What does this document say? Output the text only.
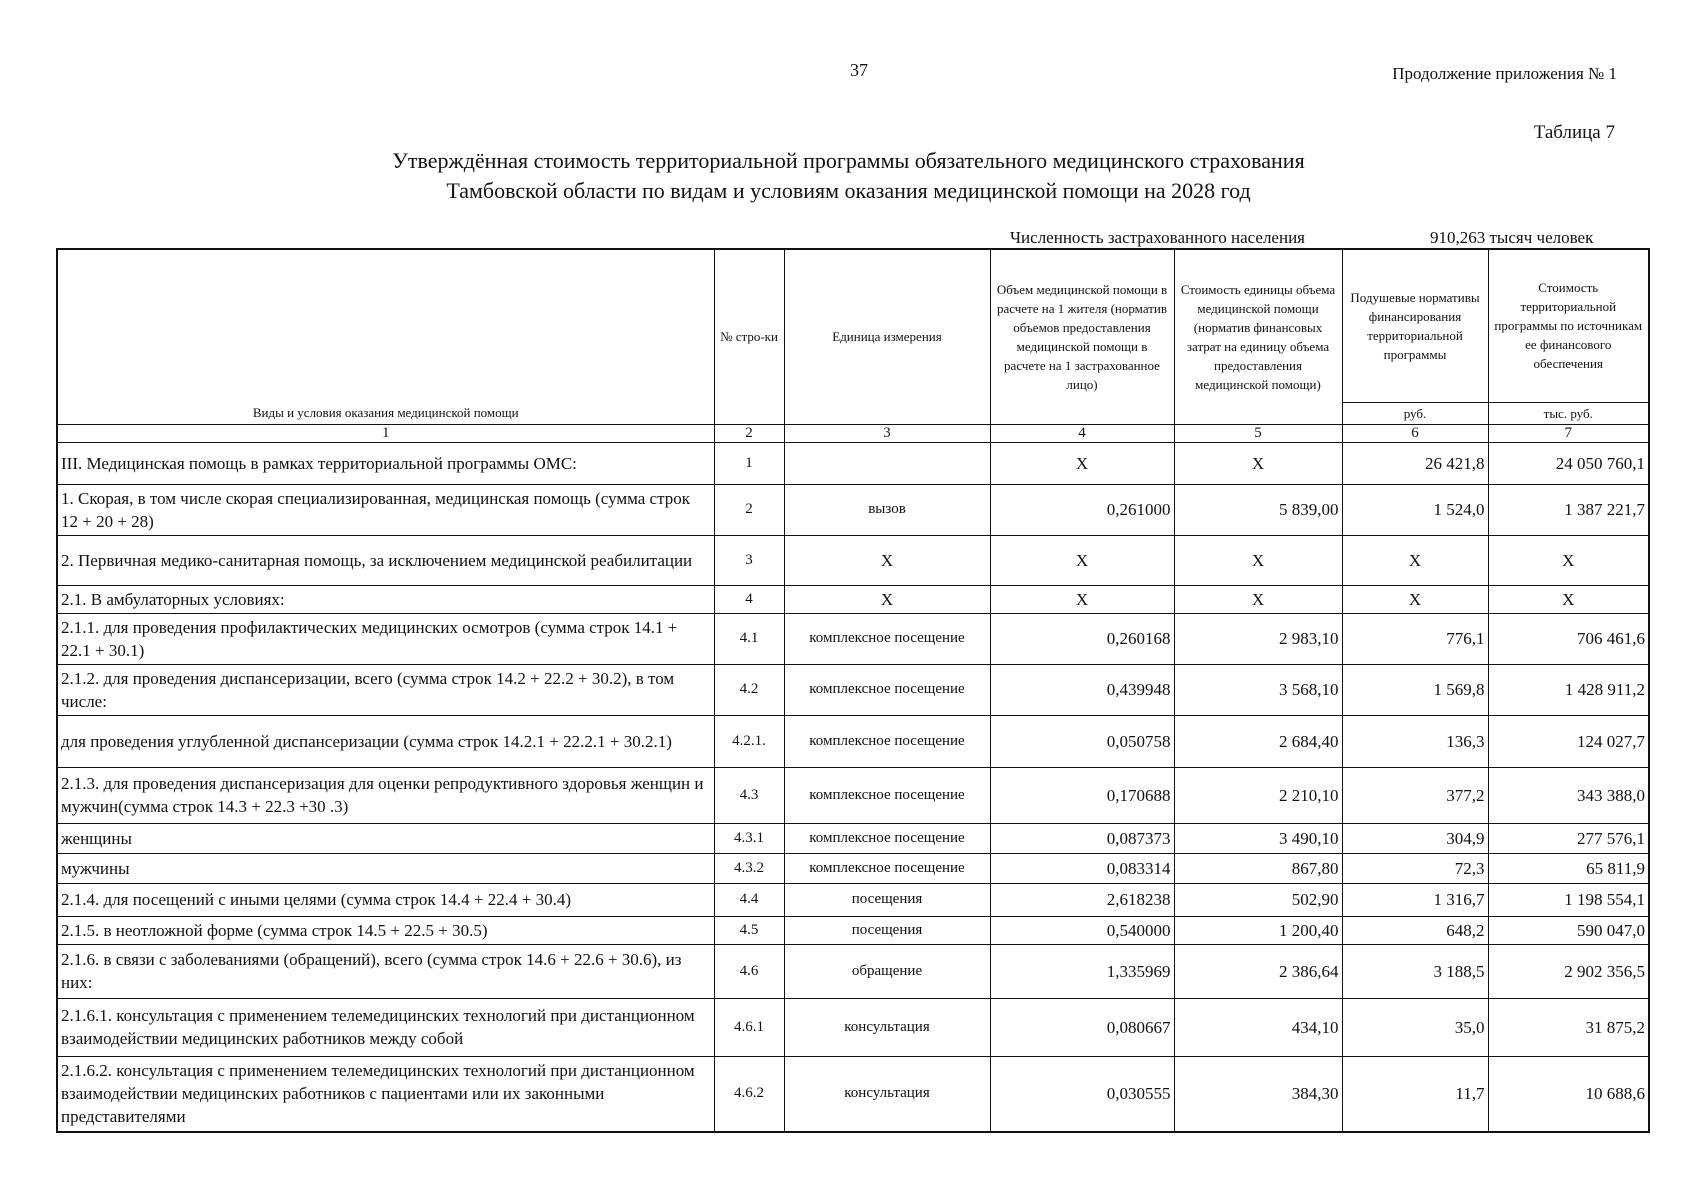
37	Продолжение приложения № 1
Таблица 7
Утверждённая стоимость территориальной программы обязательного медицинского страхования
Тамбовской области по видам и условиям оказания медицинской помощи на 2028 год
Численность застрахованного населения	910,263 тысяч человек
Виды и условия оказания медицинской помощи	№ стро-ки	Единица измерения	Объем медицинской помощи в расчете на 1 жителя (норматив объемов предоставления медицинской помощи в расчете на 1 застрахованное лицо)	Стоимость единицы объема медицинской помощи (норматив финансовых затрат на единицу объема предоставления медицинской помощи)	Подушевые нормативы финансирования территориальной программы	Стоимость территориальной программы по источникам ее финансового обеспечения
					руб.	тыс. руб.
1	2	3	4	5	6	7
III. Медицинская помощь в рамках территориальной программы ОМС:	1		Х	Х	26 421,8	24 050 760,1
1. Скорая, в том числе скорая специализированная, медицинская помощь (сумма строк 12 + 20 + 28)	2	вызов	0,261000	5 839,00	1 524,0	1 387 221,7
2. Первичная медико-санитарная помощь, за исключением медицинской реабилитации	3	Х	Х	Х	Х	Х
2.1. В амбулаторных условиях:	4	Х	Х	Х	Х	Х
2.1.1. для проведения профилактических медицинских осмотров (сумма строк 14.1 + 22.1 + 30.1)	4.1	комплексное посещение	0,260168	2 983,10	776,1	706 461,6
2.1.2. для проведения диспансеризации, всего (сумма строк 14.2 + 22.2 + 30.2), в том числе:	4.2	комплексное посещение	0,439948	3 568,10	1 569,8	1 428 911,2
для проведения углубленной диспансеризации (сумма строк 14.2.1 + 22.2.1 + 30.2.1)	4.2.1.	комплексное посещение	0,050758	2 684,40	136,3	124 027,7
2.1.3. для проведения диспансеризация для оценки репродуктивного здоровья женщин и мужчин(сумма строк 14.3 + 22.3 +30 .3)	4.3	комплексное посещение	0,170688	2 210,10	377,2	343 388,0
женщины	4.3.1	комплексное посещение	0,087373	3 490,10	304,9	277 576,1
мужчины	4.3.2	комплексное посещение	0,083314	867,80	72,3	65 811,9
2.1.4. для посещений с иными целями (сумма строк 14.4 + 22.4 + 30.4)	4.4	посещения	2,618238	502,90	1 316,7	1 198 554,1
2.1.5. в неотложной форме (сумма строк 14.5 + 22.5 + 30.5)	4.5	посещения	0,540000	1 200,40	648,2	590 047,0
2.1.6. в связи с заболеваниями (обращений), всего (сумма строк 14.6 + 22.6 + 30.6), из них:	4.6	обращение	1,335969	2 386,64	3 188,5	2 902 356,5
2.1.6.1. консультация с применением телемедицинских технологий при дистанционном взаимодействии медицинских работников между собой	4.6.1	консультация	0,080667	434,10	35,0	31 875,2
2.1.6.2. консультация с применением телемедицинских технологий при дистанционном взаимодействии медицинских работников с пациентами или их законными представителями	4.6.2	консультация	0,030555	384,30	11,7	10 688,6
